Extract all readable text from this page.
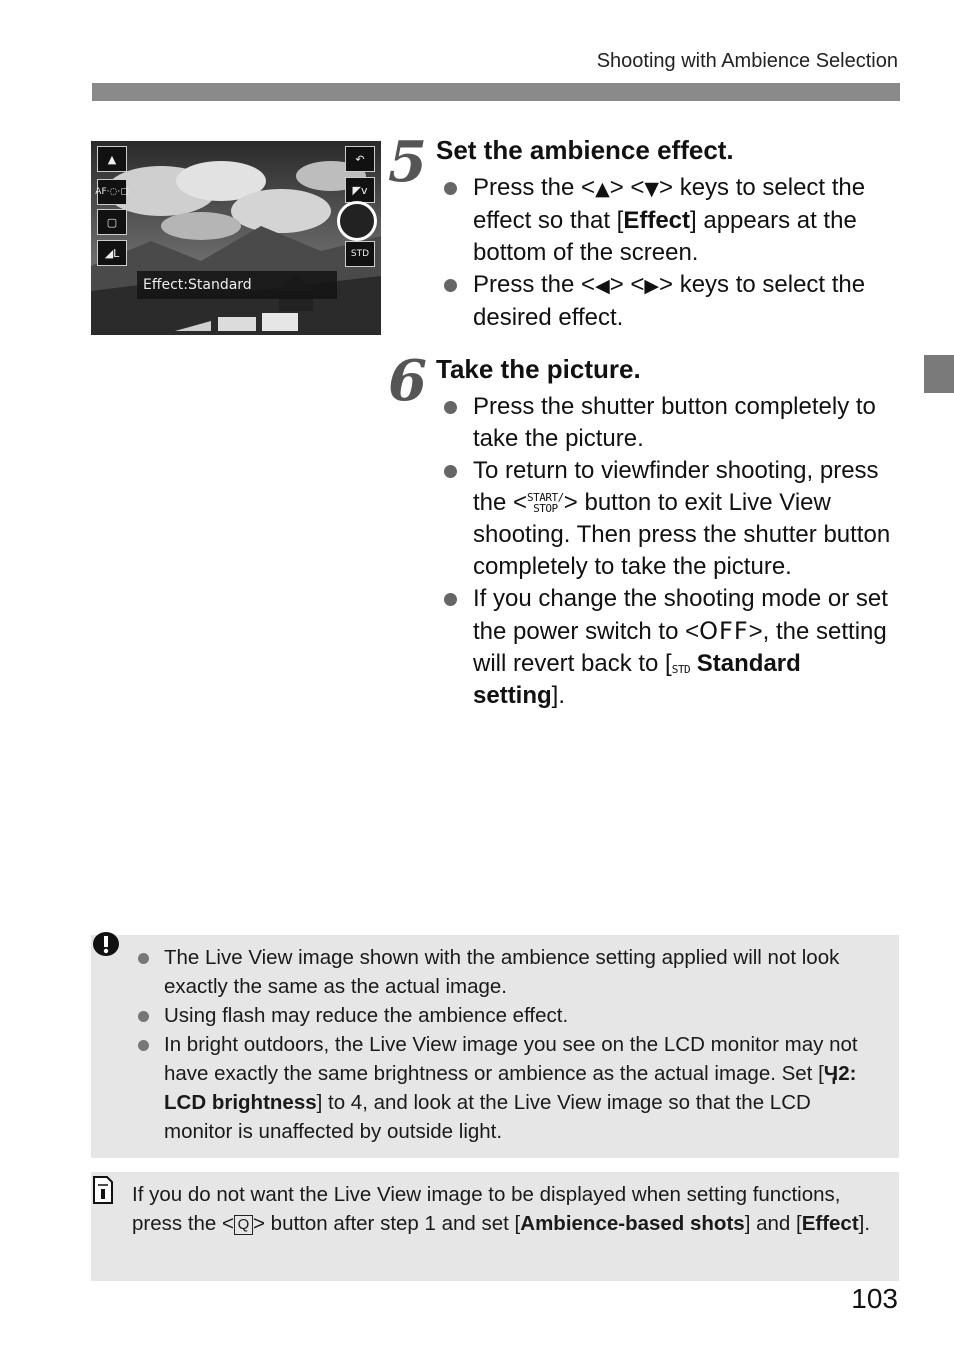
Shooting with Ambience Selection
▲
AF·◌·▢
▢
◢L
↶
◤v
STD
Effect:Standard
5 Set the ambience effect.
Press the <▲> <▼> keys to select the effect so that [Effect] appears at the bottom of the screen.
Press the <◀> <▶> keys to select the desired effect.
6 Take the picture.
Press the shutter button completely to take the picture.
To return to viewfinder shooting, press the <START/
STOP > button to exit Live View shooting. Then press the shutter button completely to take the picture.
If you change the shooting mode or set the power switch to <OFF>, the setting will revert back to [STD Standard setting].
The Live View image shown with the ambience setting applied will not look exactly the same as the actual image.
Using flash may reduce the ambience effect.
In bright outdoors, the Live View image you see on the LCD monitor may not have exactly the same brightness or ambience as the actual image. Set [Ӌ2: LCD brightness] to 4, and look at the Live View image so that the LCD monitor is unaffected by outside light.
If you do not want the Live View image to be displayed when setting functions, press the < Q > button after step 1 and set [Ambience-based shots] and [Effect].
103
